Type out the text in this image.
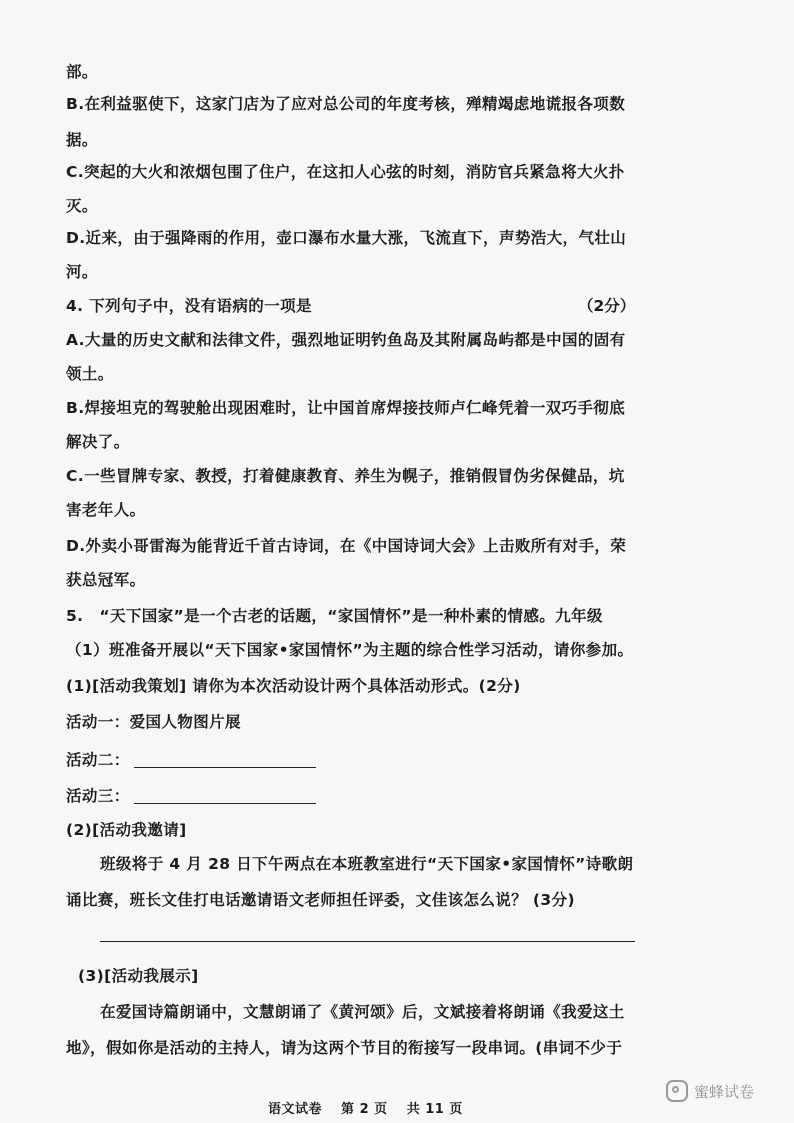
部。
B.在利益驱使下，这家门店为了应对总公司的年度考核，殚精竭虑地谎报各项数
据。
C.突起的大火和浓烟包围了住户，在这扣人心弦的时刻，消防官兵紧急将大火扑
灭。
D.近来，由于强降雨的作用，壶口瀑布水量大涨，飞流直下，声势浩大，气壮山
河。
4. 下列句子中，没有语病的一项是	（2分）
A.大量的历史文献和法律文件，强烈地证明钓鱼岛及其附属岛屿都是中国的固有
领土。
B.焊接坦克的驾驶舱出现困难时，让中国首席焊接技师卢仁峰凭着一双巧手彻底
解决了。
C.一些冒牌专家、教授，打着健康教育、养生为幌子，推销假冒伪劣保健品，坑
害老年人。
D.外卖小哥雷海为能背近千首古诗词，在《中国诗词大会》上击败所有对手，荣
获总冠军。
5.　“天下国家”是一个古老的话题，“家国情怀”是一种朴素的情感。九年级
（1）班准备开展以“天下国家•家国情怀”为主题的综合性学习活动，请你参加。
(1)[活动我策划] 请你为本次活动设计两个具体活动形式。(2分)
活动一：爱国人物图片展
活动二：
活动三：
(2)[活动我邀请]
班级将于 4 月 28 日下午两点在本班教室进行“天下国家•家国情怀”诗歌朗
诵比赛，班长文佳打电话邀请语文老师担任评委，文佳该怎么说？ (3分)
(3)[活动我展示]
在爱国诗篇朗诵中，文慧朗诵了《黄河颂》后，文斌接着将朗诵《我爱这土
地》，假如你是活动的主持人，请为这两个节目的衔接写一段串词。(串词不少于
语文试卷 第 2 页 共 11 页
蜜蜂试卷
